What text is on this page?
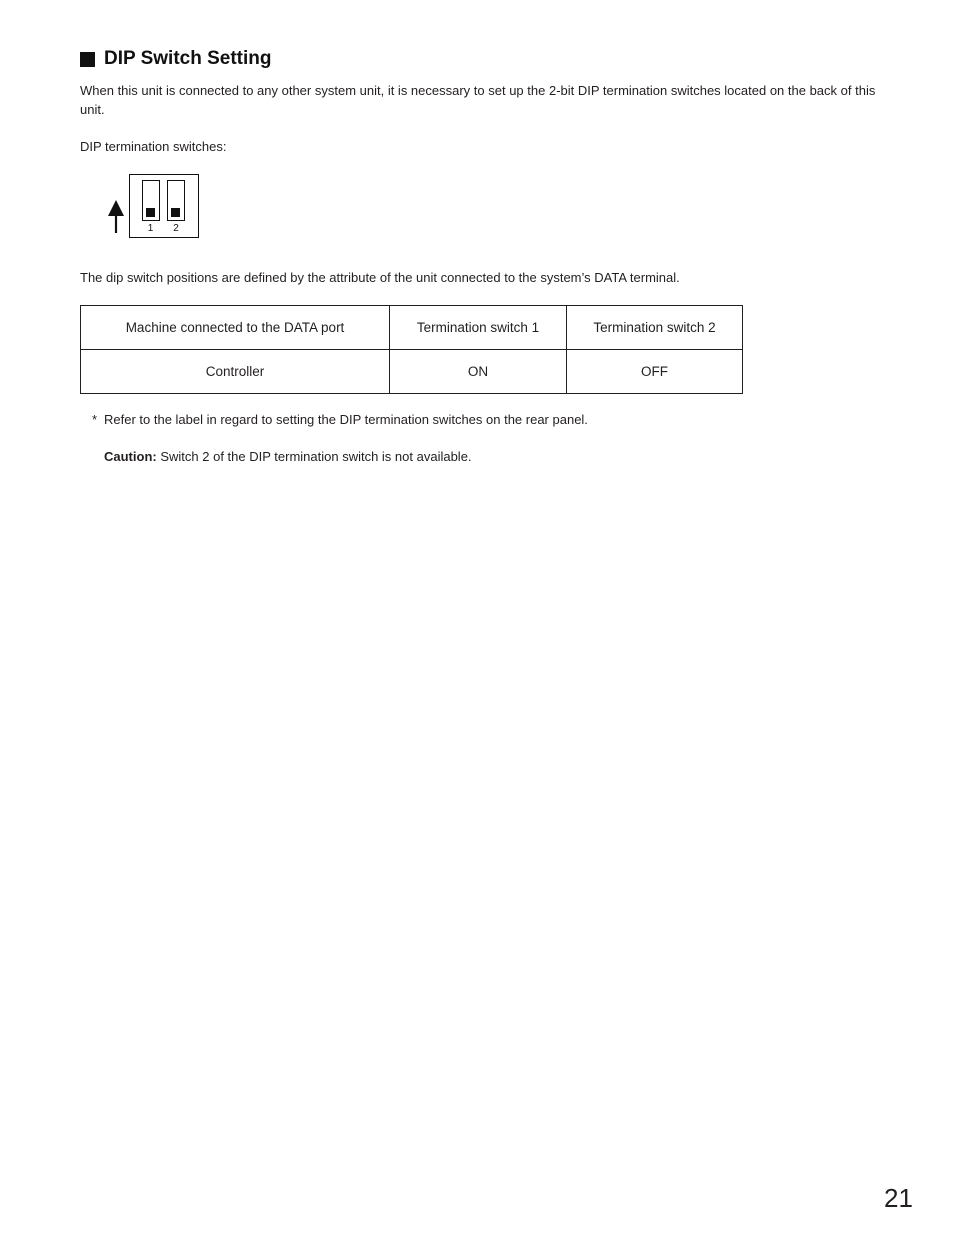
DIP Switch Setting
When this unit is connected to any other system unit, it is necessary to set up the 2-bit DIP termination switches located on the back of this unit.
DIP termination switches:
1 2
The dip switch positions are defined by the attribute of the unit connected to the system’s DATA terminal.
Machine connected to the DATA port	Termination switch 1	Termination switch 2
Controller	ON	OFF
* Refer to the label in regard to setting the DIP termination switches on the rear panel.
Caution: Switch 2 of the DIP termination switch is not available.
21
